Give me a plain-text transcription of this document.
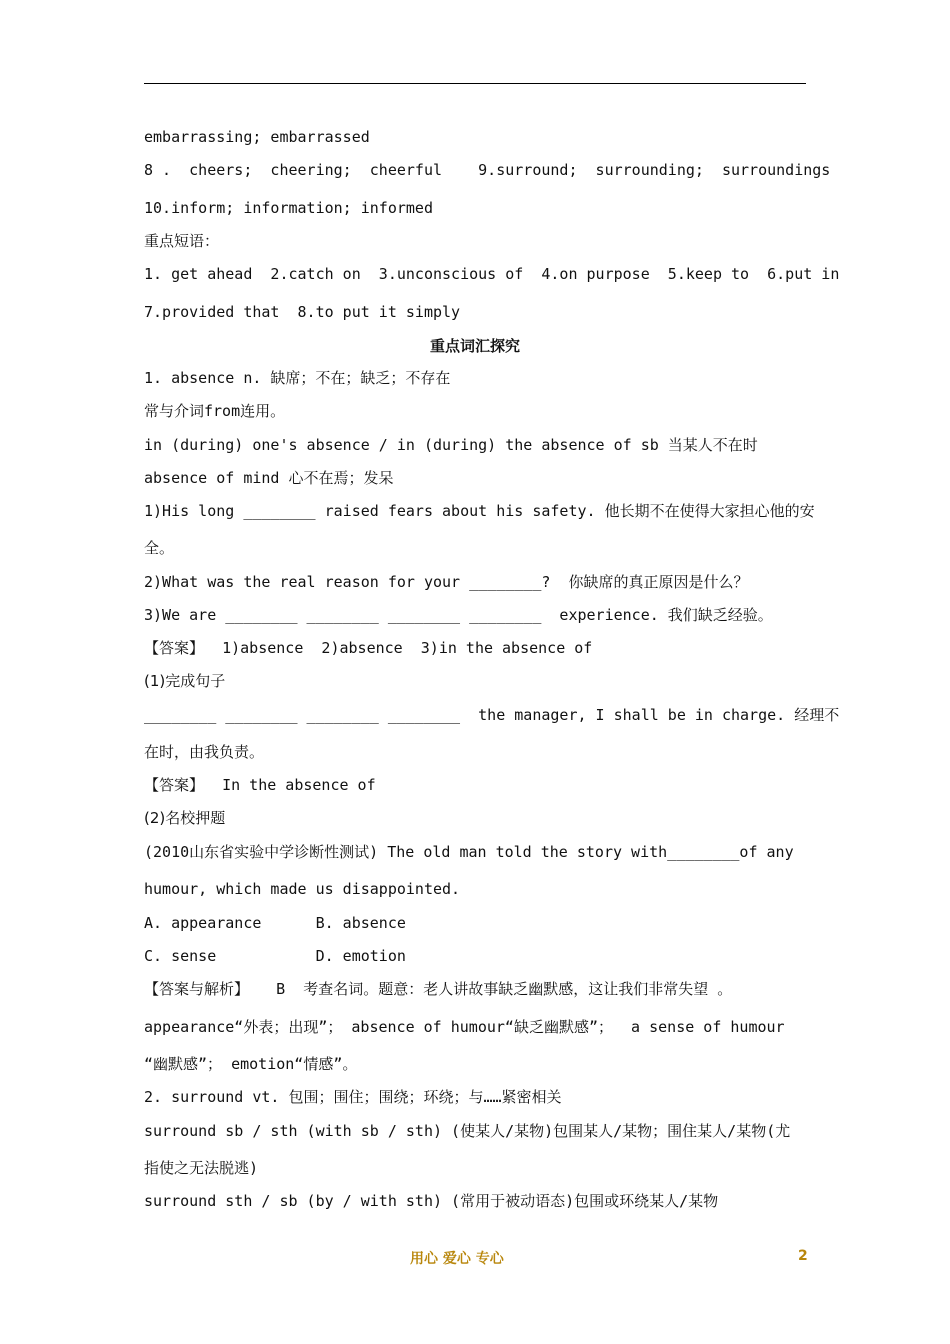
embarrassing; embarrassed
8 .  cheers;  cheering;  cheerful    9.surround;  surrounding;  surroundings
10.inform; information; informed
重点短语：
1. get ahead  2.catch on  3.unconscious of  4.on purpose  5.keep to  6.put in
7.provided that  8.to put it simply
重点词汇探究
1. absence n. 缺席；不在；缺乏；不存在
常与介词from连用。
in (during) one's absence / in (during) the absence of sb 当某人不在时
absence of mind 心不在焉；发呆
1)His long ________ raised fears about his safety. 他长期不在使得大家担心他的安
全。
2)What was the real reason for your ________?  你缺席的真正原因是什么？
3)We are ________ ________ ________ ________  experience. 我们缺乏经验。
【答案】  1)absence  2)absence  3)in the absence of
(1)完成句子
________ ________ ________ ________  the manager, I shall be in charge. 经理不
在时，由我负责。
【答案】  In the absence of
(2)名校押题
(2010山东省实验中学诊断性测试) The old man told the story with________of any
humour, which made us disappointed.
A. appearance      B. absence
C. sense           D. emotion
【答案与解析】   B  考查名词。题意：老人讲故事缺乏幽默感，这让我们非常失望 。
appearance“外表；出现”； absence of humour“缺乏幽默感”；  a sense of humour
“幽默感”； emotion“情感”。
2. surround vt. 包围；围住；围绕；环绕；与……紧密相关
surround sb / sth (with sb / sth) (使某人/某物)包围某人/某物；围住某人/某物(尤
指使之无法脱逃)
surround sth / sb (by / with sth) (常用于被动语态)包围或环绕某人/某物
用心 爱心 专心	2
